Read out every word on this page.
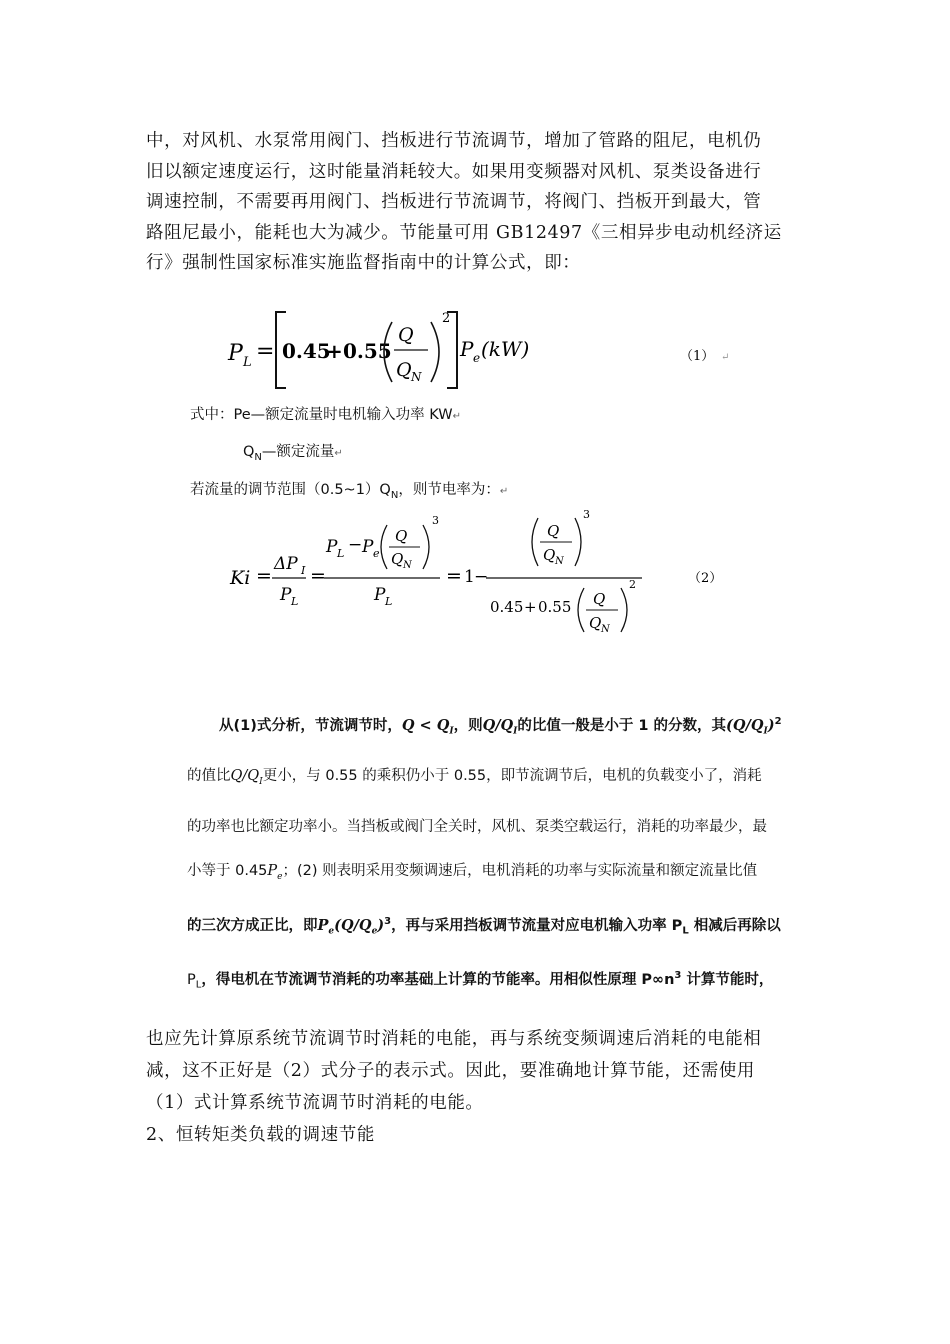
中，对风机、水泵常用阀门、挡板进行节流调节，增加了管路的阻尼，电机仍
旧以额定速度运行，这时能量消耗较大。如果用变频器对风机、泵类设备进行
调速控制，不需要再用阀门、挡板进行节流调节，将阀门、挡板开到最大，管
路阻尼最小，能耗也大为减少。节能量可用 GB12497《三相异步电动机经济运
行》强制性国家标准实施监督指南中的计算公式，即：
P L = 0.45
+ 0.55
Q
Q N
2
P e (kW)	（1） ↵
式中：Pe—额定流量时电机输入功率 KW↵
$Q_N—$额定流量↵
若流量的调节范围$(0.5\sim 1)Q_N$，则节电率为：↵
Ki =
ΔP I
P L
=
P L − P e
Q
Q N
3
P L
= 1 −
Q
Q N
3
0.45 + 0.55 Q
Q N
2	（2）
从(1)式分析，节流调节时，$Q < Q_I$，则$Q/Q_I$的比值一般是小于 1 的分数，其$(Q/Q_I)^2$
的值比$Q/Q_I$更小，与 0.55 的乘积仍小于 0.55，即节流调节后，电机的负载变小了，消耗
的功率也比额定功率小。当挡板或阀门全关时，风机、泵类空载运行，消耗的功率最少，最
小等于 $0.45P_e$；(2) 则表明采用变频调速后，电机消耗的功率与实际流量和额定流量比值
的三次方成正比，即$P_e(Q/Q_e)^3$，再与采用挡板调节流量对应电机输入功率 $P_L$ 相减后再除以
$P_L$，得电机在节流调节消耗的功率基础上计算的节能率。用相似性原理 $P\infty n^3$ 计算节能时，
也应先计算原系统节流调节时消耗的电能，再与系统变频调速后消耗的电能相
减，这不正好是（2）式分子的表示式。因此，要准确地计算节能，还需使用
（1）式计算系统节流调节时消耗的电能。
2、恒转矩类负载的调速节能
